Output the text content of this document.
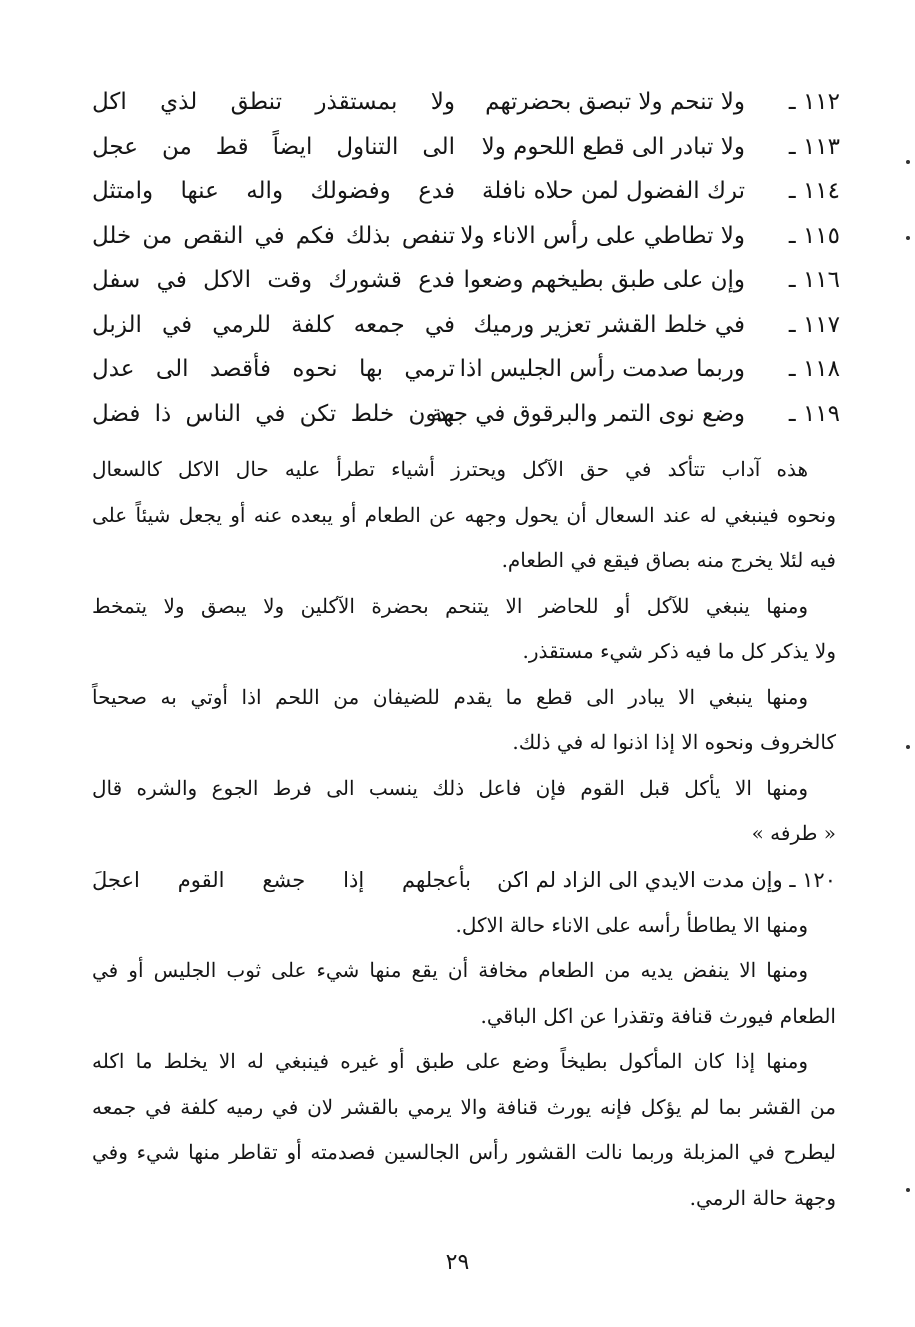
١١٢ ـ
ولا تنحم ولا تبصق بحضرتهم
ولا بمستقذر تنطق لذي اكل
١١٣ ـ
ولا تبادر الى قطع اللحوم ولا
الى التناول ايضاً قط من عجل
١١٤ ـ
ترك الفضول لمن حلاه نافلة
فدع وفضولك واله عنها وامتثل
١١٥ ـ
ولا تطاطي على رأس الاناء ولا
تنفص بذلك فكم في النقص من خلل
١١٦ ـ
وإن على طبق بطيخهم وضعوا
فدع قشورك وقت الاكل في سفل
١١٧ ـ
في خلط القشر تعزير ورميك
في جمعه كلفة للرمي في الزبل
١١٨ ـ
وربما صدمت رأس الجليس اذا
ترمي بها نحوه فأقصد الى عدل
١١٩ ـ
وضع نوى التمر والبرقوق في جهة
بدون خلط تكن في الناس ذا فضل
هذه آداب تتأكد في حق الآكل ويحترز أشياء تطرأ عليه حال الاكل كالسعال
ونحوه فينبغي له عند السعال أن يحول وجهه عن الطعام أو يبعده عنه أو يجعل شيئاً على
فيه لئلا يخرج منه بصاق فيقع في الطعام.
ومنها ينبغي للآكل أو للحاضر الا يتنحم بحضرة الآكلين ولا يبصق ولا يتمخط
ولا يذكر كل ما فيه ذكر شيء مستقذر.
ومنها ينبغي الا يبادر الى قطع ما يقدم للضيفان من اللحم اذا أوتي به صحيحاً
كالخروف ونحوه الا إذا اذنوا له في ذلك.
ومنها الا يأكل قبل القوم فإن فاعل ذلك ينسب الى فرط الجوع والشره قال
« طرفه »
١٢٠ ـ وإن مدت الايدي الى الزاد لم اكن
بأعجلهم إذا جشع القوم اعجلَ
ومنها الا يطاطأ رأسه على الاناء حالة الاكل.
ومنها الا ينفض يديه من الطعام مخافة أن يقع منها شيء على ثوب الجليس أو في
الطعام فيورث قنافة وتقذرا عن اكل الباقي.
ومنها إذا كان المأكول بطيخاً وضع على طبق أو غيره فينبغي له الا يخلط ما اكله
من القشر بما لم يؤكل فإنه يورث قنافة والا يرمي بالقشر لان في رميه كلفة في جمعه
ليطرح في المزبلة وربما نالت القشور رأس الجالسين فصدمته أو تقاطر منها شيء وفي
وجهة حالة الرمي.
٢٩
